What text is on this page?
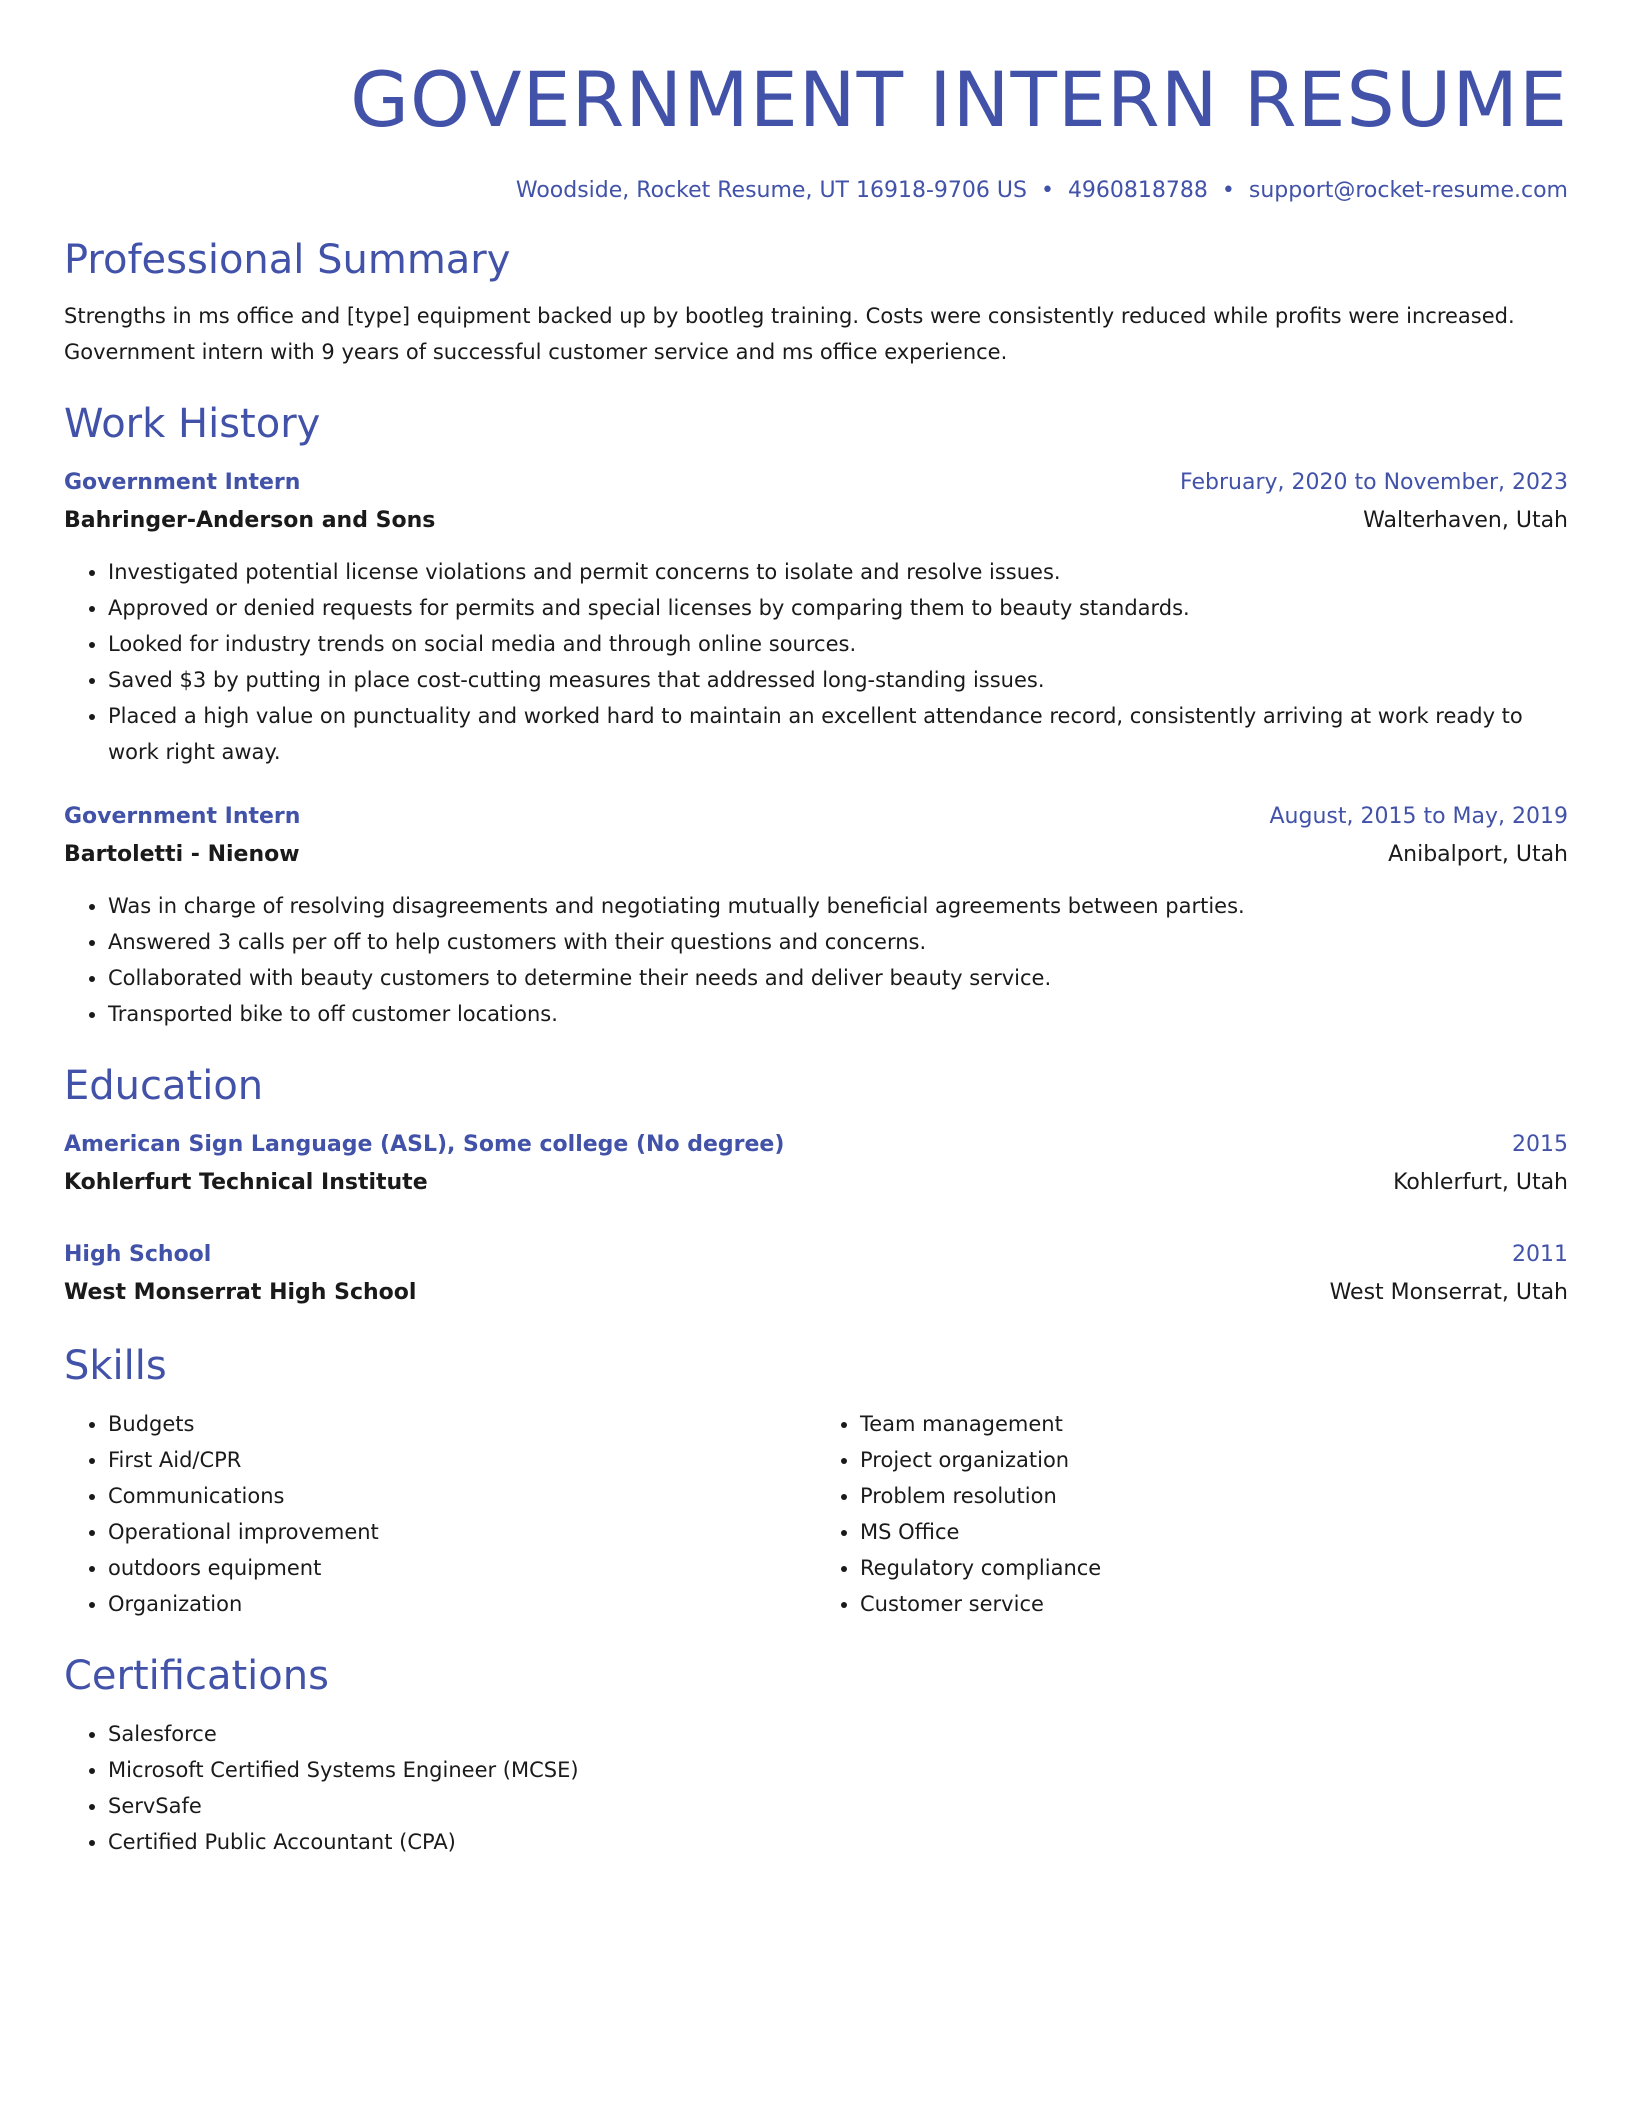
GOVERNMENT INTERN RESUME
Woodside, Rocket Resume, UT 16918-9706 US • 4960818788 • support@rocket-resume.com
Professional Summary
Strengths in ms office and [type] equipment backed up by bootleg training. Costs were consistently reduced while profits were increased. Government intern with 9 years of successful customer service and ms office experience.
Work History
Government Intern	February, 2020 to November, 2023
Bahringer-Anderson and Sons	Walterhaven, Utah
• Investigated potential license violations and permit concerns to isolate and resolve issues.
• Approved or denied requests for permits and special licenses by comparing them to beauty standards.
• Looked for industry trends on social media and through online sources.
• Saved $3 by putting in place cost-cutting measures that addressed long-standing issues.
• Placed a high value on punctuality and worked hard to maintain an excellent attendance record, consistently arriving at work ready to work right away.
Government Intern	August, 2015 to May, 2019
Bartoletti - Nienow	Anibalport, Utah
• Was in charge of resolving disagreements and negotiating mutually beneficial agreements between parties.
• Answered 3 calls per off to help customers with their questions and concerns.
• Collaborated with beauty customers to determine their needs and deliver beauty service.
• Transported bike to off customer locations.
Education
American Sign Language (ASL), Some college (No degree)	2015
Kohlerfurt Technical Institute	Kohlerfurt, Utah
High School	2011
West Monserrat High School	West Monserrat, Utah
Skills
• Budgets
• First Aid/CPR
• Communications
• Operational improvement
• outdoors equipment
• Organization
• Team management
• Project organization
• Problem resolution
• MS Office
• Regulatory compliance
• Customer service
Certifications
• Salesforce
• Microsoft Certified Systems Engineer (MCSE)
• ServSafe
• Certified Public Accountant (CPA)
